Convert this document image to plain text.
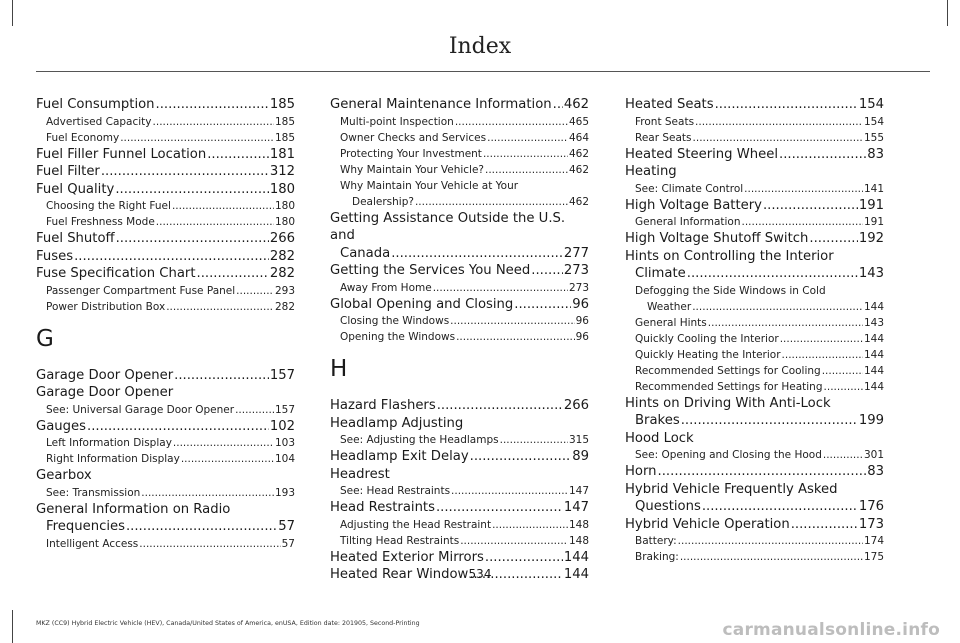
Index
Fuel Consumption .....	185
Advertised Capacity .....	185
Fuel Economy .....	185
Fuel Filler Funnel Location .....	181
Fuel Filter .....	312
Fuel Quality .....	180
Choosing the Right Fuel .....	180
Fuel Freshness Mode .....	180
Fuel Shutoff .....	266
Fuses .....	282
Fuse Specification Chart .....	282
Passenger Compartment Fuse Panel .....	293
Power Distribution Box .....	282
G
Garage Door Opener .....	157
Garage Door Opener
See: Universal Garage Door Opener .....	157
Gauges .....	102
Left Information Display .....	103
Right Information Display .....	104
Gearbox
See: Transmission .....	193
General Information on Radio
Frequencies .....	57
Intelligent Access .....	57
General Maintenance Information ..... 462
Multi-point Inspection .....	465
Owner Checks and Services .....	464
Protecting Your Investment .....	462
Why Maintain Your Vehicle? .....	462
Why Maintain Your Vehicle at Your
Dealership? .....	462
Getting Assistance Outside the U.S. and
Canada .....	277
Getting the Services You Need .....	273
Away From Home .....	273
Global Opening and Closing .....	96
Closing the Windows .....	96
Opening the Windows .....	96
H
Hazard Flashers .....	266
Headlamp Adjusting
See: Adjusting the Headlamps .....	315
Headlamp Exit Delay .....	89
Headrest
See: Head Restraints .....	147
Head Restraints .....	147
Adjusting the Head Restraint .....	148
Tilting Head Restraints .....	148
Heated Exterior Mirrors .....	144
Heated Rear Window .....	144
Heated Seats .....	154
Front Seats .....	154
Rear Seats .....	155
Heated Steering Wheel .....	83
Heating
See: Climate Control .....	141
High Voltage Battery .....	191
General Information .....	191
High Voltage Shutoff Switch .....	192
Hints on Controlling the Interior
Climate .....	143
Defogging the Side Windows in Cold
Weather .....	144
General Hints .....	143
Quickly Cooling the Interior .....	144
Quickly Heating the Interior .....	144
Recommended Settings for Cooling .....	144
Recommended Settings for Heating .....	144
Hints on Driving With Anti-Lock
Brakes .....	199
Hood Lock
See: Opening and Closing the Hood .....	301
Horn .....	83
Hybrid Vehicle Frequently Asked
Questions .....	176
Hybrid Vehicle Operation .....	173
Battery: .....	174
Braking: .....	175
534
MKZ (CC9) Hybrid Electric Vehicle (HEV), Canada/United States of America, enUSA, Edition date: 201905, Second-Printing	carmanualsonline.info
